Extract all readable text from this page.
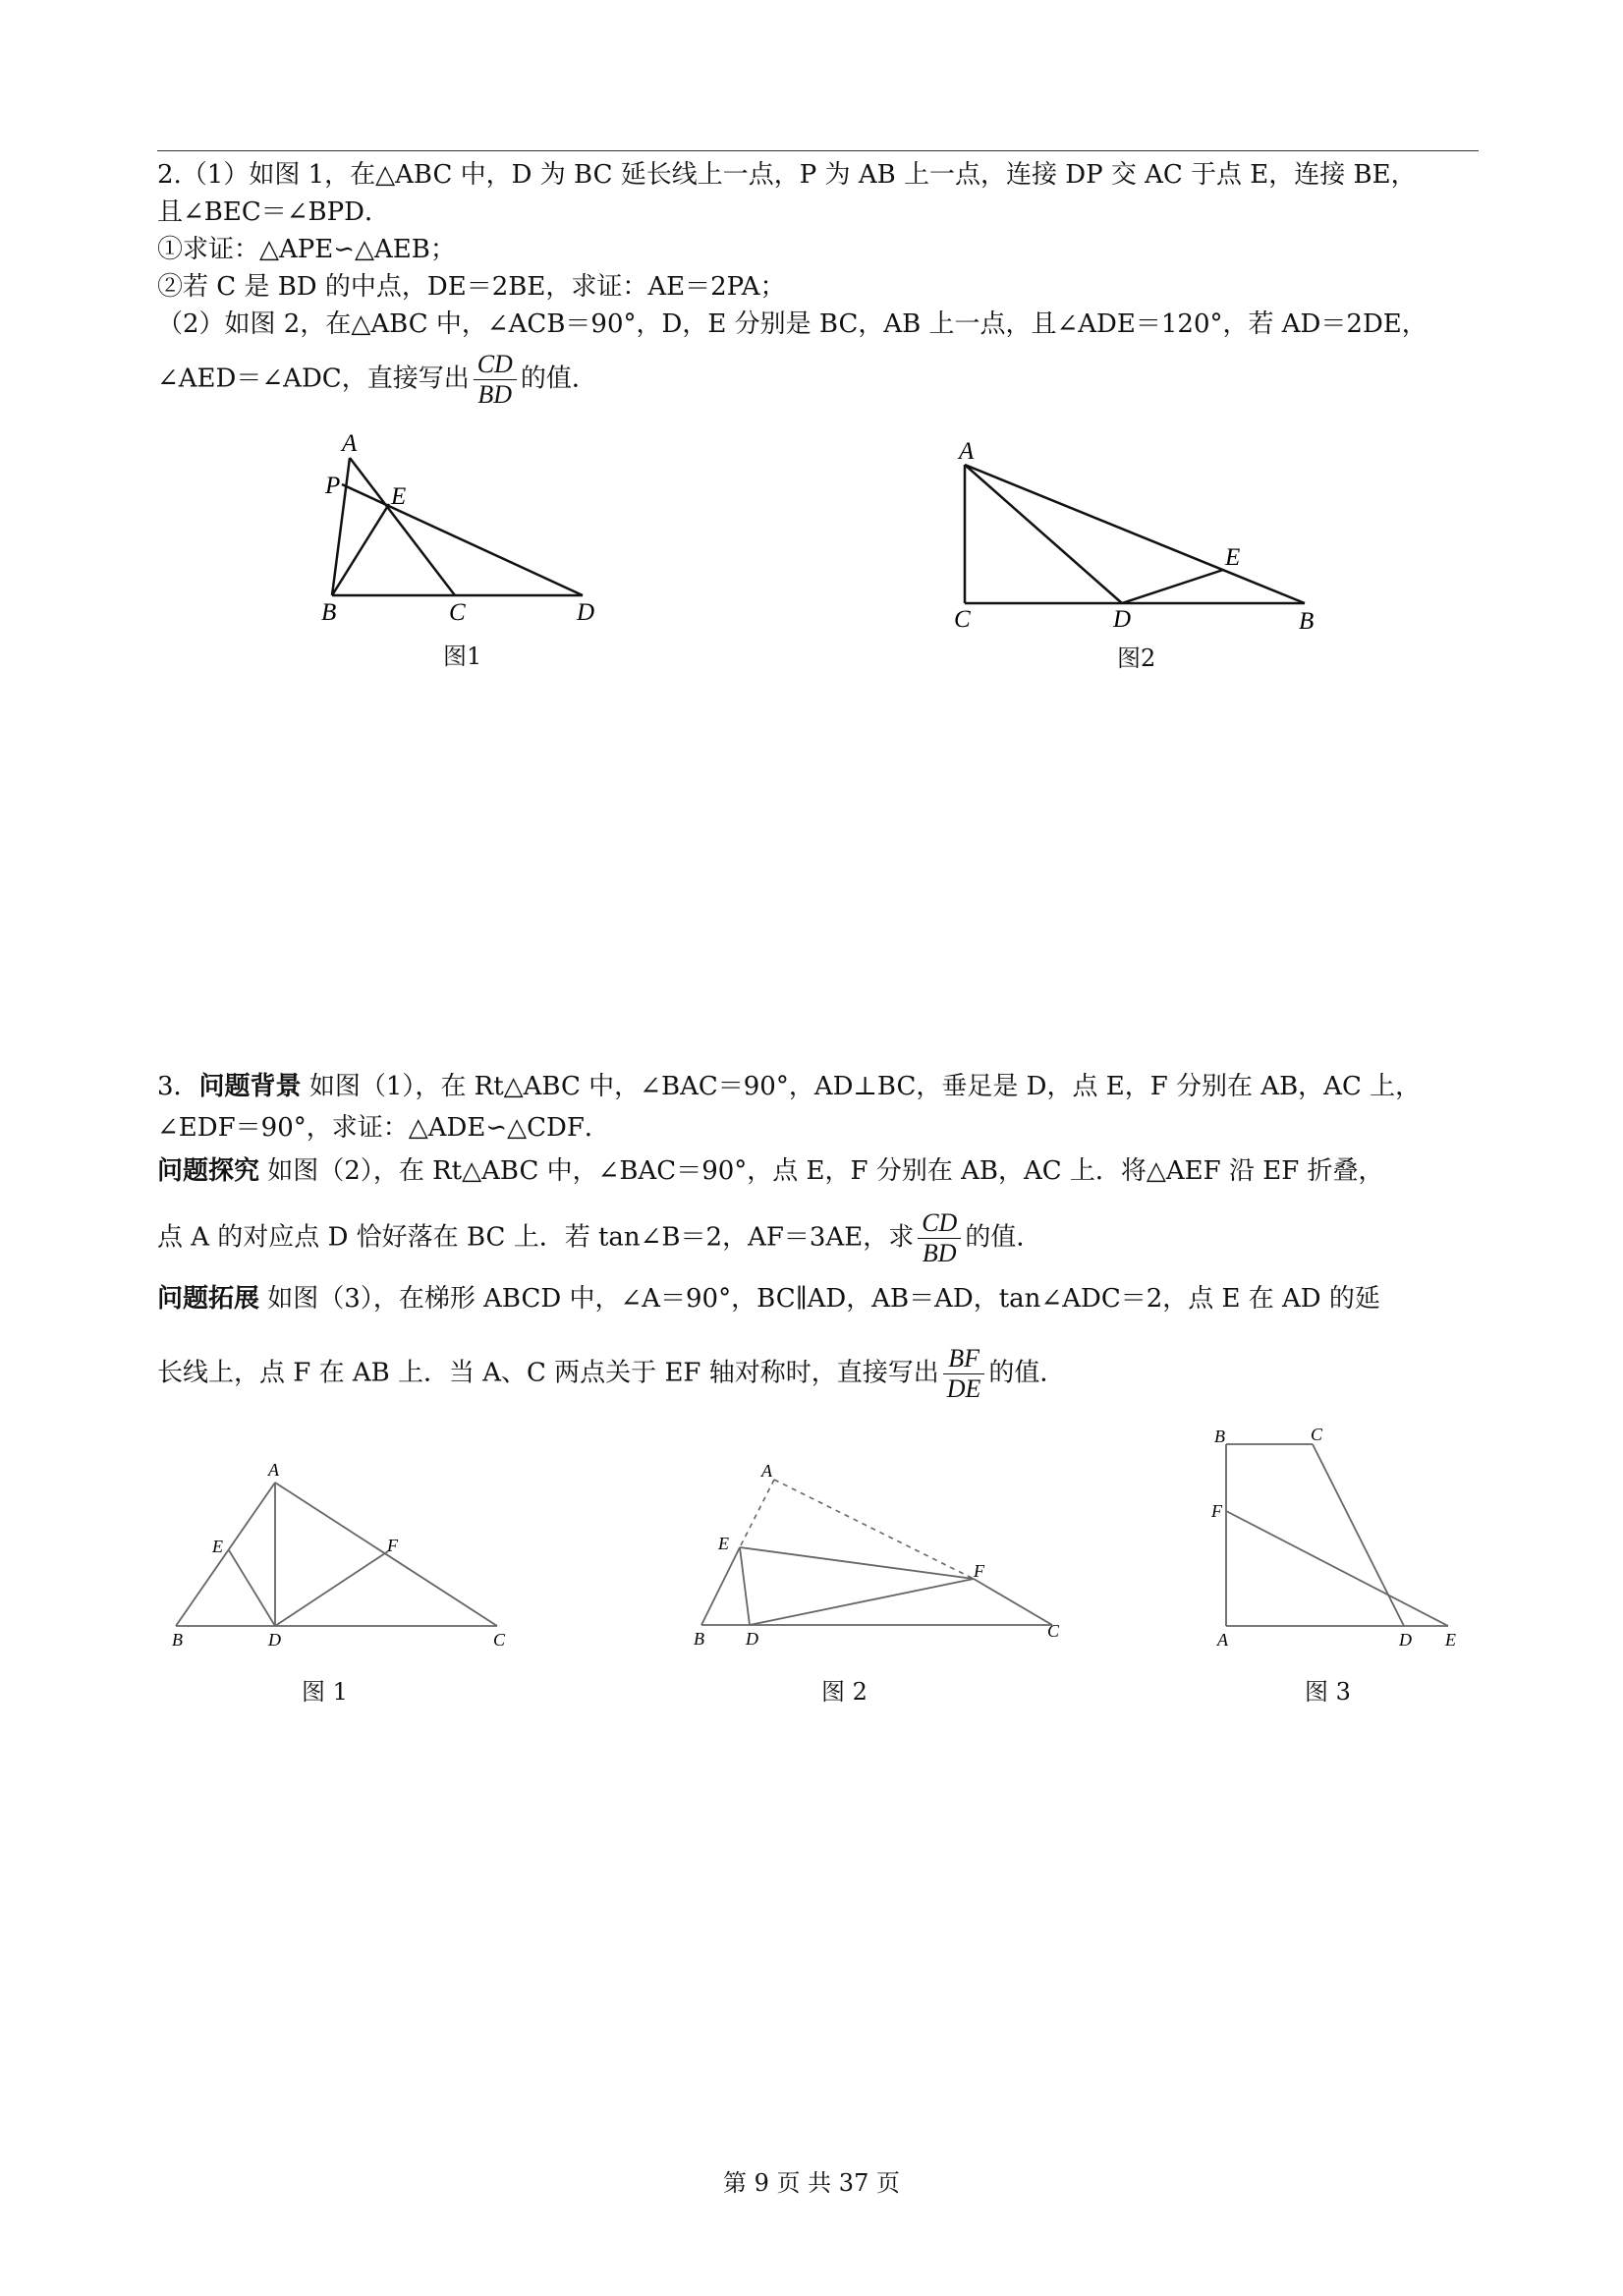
2.（1）如图 1，在△ABC 中，D 为 BC 延长线上一点，P 为 AB 上一点，连接 DP 交 AC 于点 E，连接 BE，
且∠BEC＝∠BPD．
①求证：△APE∽△AEB；
②若 C 是 BD 的中点，DE＝2BE，求证：AE＝2PA；
（2）如图 2，在△ABC 中，∠ACB＝90°，D，E 分别是 BC，AB 上一点，且∠ADE＝120°，若 AD＝2DE，
∠AED＝∠ADC，直接写出 $\frac{CD}{BD}$ 的值．
A
P E
B	C	D
图1
A
E
C	D	B
图2
3．问题背景 如图（1），在 Rt△ABC 中，∠BAC＝90°，AD⊥BC，垂足是 D，点 E，F 分别在 AB，AC 上，
∠EDF＝90°，求证：△ADE∽△CDF．
问题探究 如图（2），在 Rt△ABC 中，∠BAC＝90°，点 E，F 分别在 AB，AC 上．将△AEF 沿 EF 折叠，
点 A 的对应点 D 恰好落在 BC 上．若 tan∠B＝2，AF＝3AE，求 $\frac{CD}{BD}$ 的值．
问题拓展 如图（3），在梯形 ABCD 中，∠A＝90°，BC∥AD，AB＝AD，tan∠ADC＝2，点 E 在 AD 的延
长线上，点 F 在 AB 上．当 A、C 两点关于 EF 轴对称时，直接写出 $\frac{BF}{DE}$ 的值．
A
E	F
B	D	C
图 1
A
E
F
B D	C
图 2
B	C
F
A	D E
图 3
第 9 页 共 37 页
